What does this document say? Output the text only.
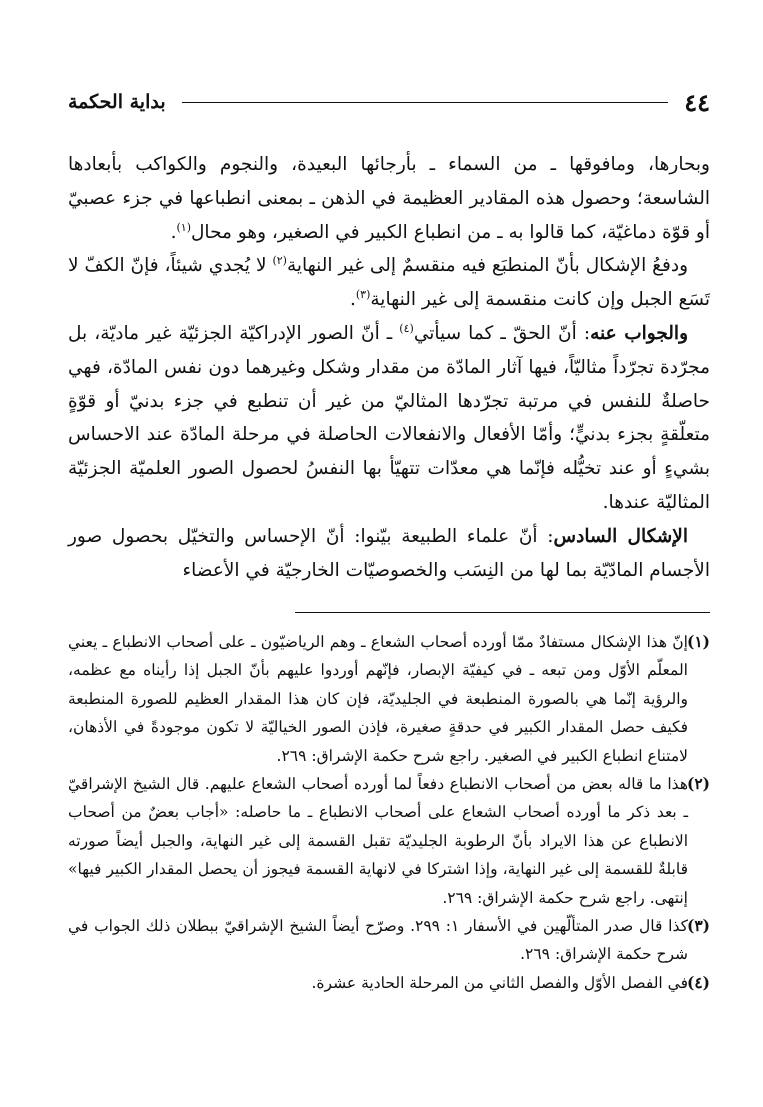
٤٤
بداية الحكمة

وبحارها، ومافوقها ـ من السماء ـ بأرجائها البعيدة، والنجوم والكواكب بأبعادها الشاسعة؛ وحصول هذه المقادير العظيمة في الذهن ـ بمعنى انطباعها في جزء عصبيّ أو قوّة دماغيّة، كما قالوا به ـ من انطباع الكبير في الصغير، وهو محال$^{(١)}$.

ودفعُ الإشكال بأنّ المنطبَع فيه منقسمٌ إلى غير النهاية$^{(٢)}$ لا يُجدي شيئاً، فإنّ الكفّ لا تَسَع الجبل وإن كانت منقسمة إلى غير النهاية$^{(٣)}$.

والجواب عنه: أنّ الحقّ ـ كما سيأتي$^{(٤)}$ ـ أنّ الصور الإدراكيّة الجزئيّة غير ماديّة، بل مجرّدة تجرّداً مثاليّاً، فيها آثار المادّة من مقدار وشكل وغيرهما دون نفس المادّة، فهي حاصلةٌ للنفس في مرتبة تجرّدها المثاليّ من غير أن تنطبع في جزء بدنيّ أو قوّةٍ متعلّقةٍ بجزء بدنيٍّ؛ وأمّا الأفعال والانفعالات الحاصلة في مرحلة المادّة عند الاحساس بشيءٍ أو عند تخيُّله فإنّما هي معدّات تتهيّأ بها النفسُ لحصول الصور العلميّة الجزئيّة المثاليّة عندها.

الإشكال السادس: أنّ علماء الطبيعة بيّنوا: أنّ الإحساس والتخيّل بحصول صور الأجسام المادّيّة بما لها من النِسَب والخصوصيّات الخارجيّة في الأعضاء

(١)
إنّ هذا الإشكال مستفادٌ ممّا أورده أصحاب الشعاع ـ وهم الرياضيّون ـ على أصحاب الانطباع ـ يعني المعلّم الأوّل ومن تبعه ـ في كيفيّة الإبصار، فإنّهم أوردوا عليهم بأنّ الجبل إذا رأيناه مع عظمه، والرؤية إنّما هي بالصورة المنطبعة في الجليديّة، فإن كان هذا المقدار العظيم للصورة المنطبعة فكيف حصل المقدار الكبير في حدقةٍ صغيرة، فإذن الصور الخياليّة لا تكون موجودةً في الأذهان، لامتناع انطباع الكبير في الصغير. راجع شرح حكمة الإشراق: ٢٦٩.

(٢)
هذا ما قاله بعض من أصحاب الانطباع دفعاً لما أورده أصحاب الشعاع عليهم. قال الشيخ الإشراقيّ ـ بعد ذكر ما أورده أصحاب الشعاع على أصحاب الانطباع ـ ما حاصله: «أجاب بعضٌ من أصحاب الانطباع عن هذا الايراد بأنّ الرطوبة الجليديّة تقبل القسمة إلى غير النهاية، والجبل أيضاً صورته قابلةٌ للقسمة إلى غير النهاية، وإذا اشتركا في لانهاية القسمة فيجوز أن يحصل المقدار الكبير فيها» إنتهى. راجع شرح حكمة الإشراق: ٢٦٩.

(٣)
كذا قال صدر المتألّهين في الأسفار ١: ٢٩٩. وصرّح أيضاً الشيخ الإشراقيّ ببطلان ذلك الجواب في شرح حكمة الإشراق: ٢٦٩.

(٤)
في الفصل الأوّل والفصل الثاني من المرحلة الحادية عشرة.
